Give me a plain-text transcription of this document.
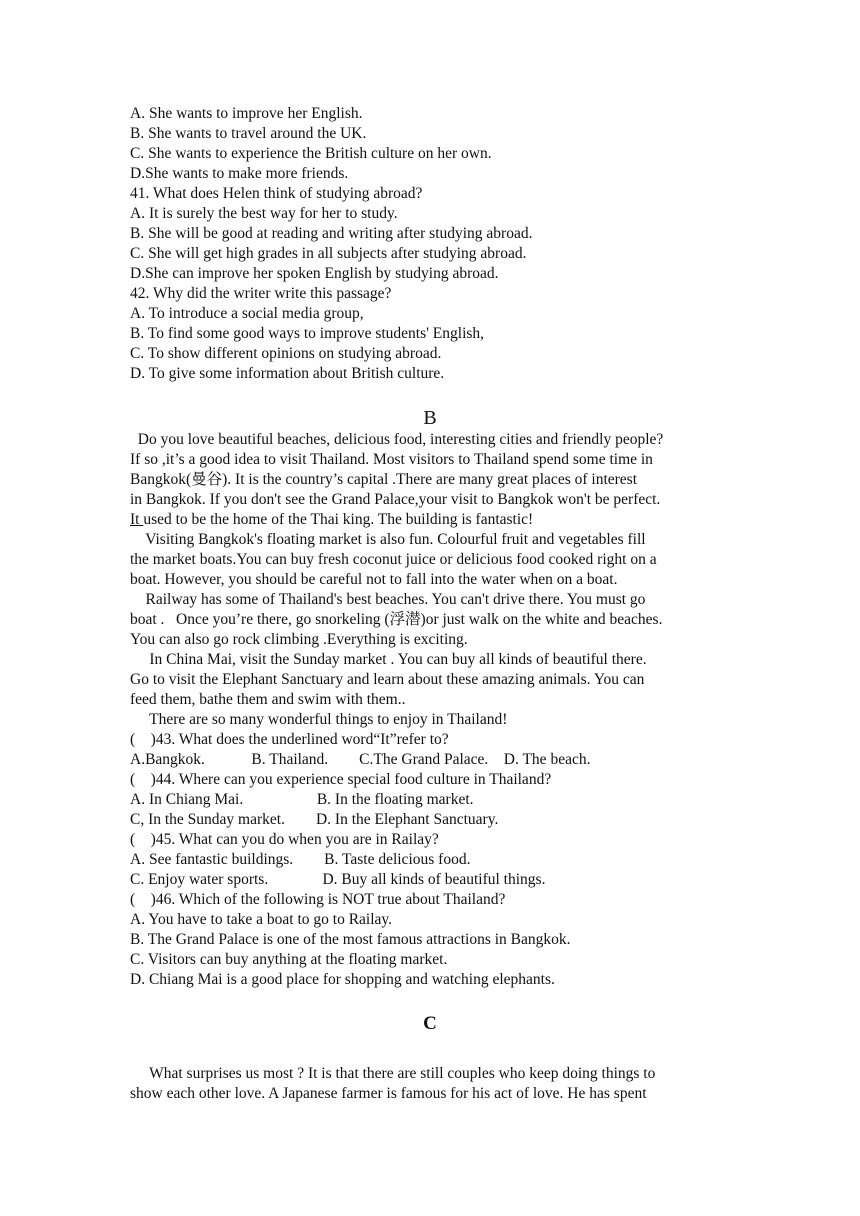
A. She wants to improve her English.
B. She wants to travel around the UK.
C. She wants to experience the British culture on her own.
D.She wants to make more friends.
41. What does Helen think of studying abroad?
A. It is surely the best way for her to study.
B. She will be good at reading and writing after studying abroad.
C. She will get high grades in all subjects after studying abroad.
D.She can improve her spoken English by studying abroad.
42. Why did the writer write this passage?
A. To introduce a social media group,
B. To find some good ways to improve students' English,
C. To show different opinions on studying abroad.
D. To give some information about British culture.
B
Do you love beautiful beaches, delicious food, interesting cities and friendly people?
If so ,it’s a good idea to visit Thailand. Most visitors to Thailand spend some time in
Bangkok(曼谷). It is the country’s capital .There are many great places of interest
in Bangkok. If you don't see the Grand Palace,your visit to Bangkok won't be perfect.
It used to be the home of the Thai king. The building is fantastic!
Visiting Bangkok's floating market is also fun. Colourful fruit and vegetables fill
the market boats.You can buy fresh coconut juice or delicious food cooked right on a
boat. However, you should be careful not to fall into the water when on a boat.
Railway has some of Thailand's best beaches. You can't drive there. You must go
boat .   Once you’re there, go snorkeling (浮潜)or just walk on the white and beaches.
You can also go rock climbing .Everything is exciting.
In China Mai, visit the Sunday market . You can buy all kinds of beautiful there.
Go to visit the Elephant Sanctuary and learn about these amazing animals. You can
feed them, bathe them and swim with them..
There are so many wonderful things to enjoy in Thailand!
(    )43. What does the underlined word“It”refer to?
A.Bangkok.            B. Thailand.        C.The Grand Palace.    D. The beach.
(    )44. Where can you experience special food culture in Thailand?
A. In Chiang Mai.                   B. In the floating market.
C, In the Sunday market.        D. In the Elephant Sanctuary.
(    )45. What can you do when you are in Railay?
A. See fantastic buildings.        B. Taste delicious food.
C. Enjoy water sports.              D. Buy all kinds of beautiful things.
(    )46. Which of the following is NOT true about Thailand?
A. You have to take a boat to go to Railay.
B. The Grand Palace is one of the most famous attractions in Bangkok.
C. Visitors can buy anything at the floating market.
D. Chiang Mai is a good place for shopping and watching elephants.
C
What surprises us most ? It is that there are still couples who keep doing things to
show each other love. A Japanese farmer is famous for his act of love. He has spent
